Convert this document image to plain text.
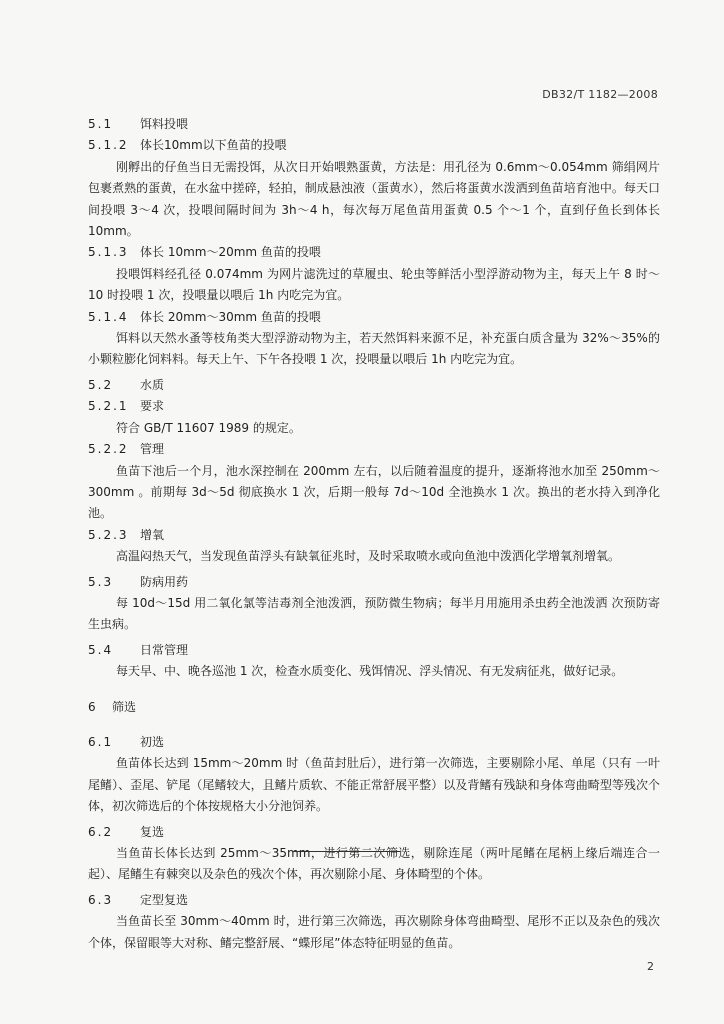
DB32/T 1182—2008
5.1 饵料投喂
5.1.2 体长10mm以下鱼苗的投喂

刚孵出的仔鱼当日无需投饵，从次日开始喂熟蛋黄，方法是：用孔径为 0.6mm～0.054mm 筛绢网片包裹煮熟的蛋黄，在水盆中搓碎，轻拍，制成悬浊液（蛋黄水），然后将蛋黄水泼洒到鱼苗培育池中。每天口间投喂 3～4 次，投喂间隔时间为 3h～4 h，每次每万尾鱼苗用蛋黄 0.5 个～1 个，直到仔鱼长到体长 10mm。

5.1.3 体长 10mm～20mm 鱼苗的投喂

投喂饵料经孔径 0.074mm 为网片滤洗过的草履虫、轮虫等鲜活小型浮游动物为主，每天上午 8 时～10 时投喂 1 次，投喂量以喂后 1h 内吃完为宜。

5.1.4 体长 20mm～30mm 鱼苗的投喂

饵料以天然水蚤等枝角类大型浮游动物为主，若天然饵料来源不足，补充蛋白质含量为 32%～35%的小颗粒膨化饲料料。每天上午、下午各投喂 1 次，投喂量以喂后 1h 内吃完为宜。

5.2 水质
5.2.1 要求

符合 GB/T 11607 1989 的规定。

5.2.2 管理

鱼苗下池后一个月，池水深控制在 200mm 左右，以后随着温度的提升，逐渐将池水加至 250mm～300mm 。前期每 3d～5d 彻底换水 1 次，后期一般每 7d～10d 全池换水 1 次。换出的老水持入到净化池。

5.2.3 增氧

高温闷热天气，当发现鱼苗浮头有缺氧征兆时，及时采取喷水或向鱼池中泼洒化学增氧剂增氧。

5.3 防病用药

每 10d～15d 用二氧化氯等洁毒剂全池泼洒，预防微生物病；每半月用施用杀虫药全池泼洒 次预防寄生虫病。

5.4 日常管理

每天早、中、晚各巡池 1 次，检查水质变化、残饵情况、浮头情况、有无发病征兆，做好记录。

6 筛选
6.1 初选

鱼苗体长达到 15mm～20mm 时（鱼苗封肚后），进行第一次筛选，主要剔除小尾、单尾（只有 一叶尾鳍）、歪尾、铲尾（尾鳍较大，且鳍片质软、不能正常舒展平整）以及背鳍有残缺和身体弯曲畸型等残次个体，初次筛选后的个体按规格大小分池饲养。

6.2 复选

当鱼苗长体长达到 25mm～35mm，进行第二次筛选，剔除连尾（两叶尾鳍在尾柄上缘后端连合一起）、尾鳍生有棘突以及杂色的残次个体，再次剔除小尾、身体畸型的个体。

6.3 定型复选

当鱼苗长至 30mm～40mm 时，进行第三次筛选，再次剔除身体弯曲畸型、尾形不正以及杂色的残次个体，保留眼等大对称、鳍完整舒展、“蝶形尾”体态特征明显的鱼苗。

2
